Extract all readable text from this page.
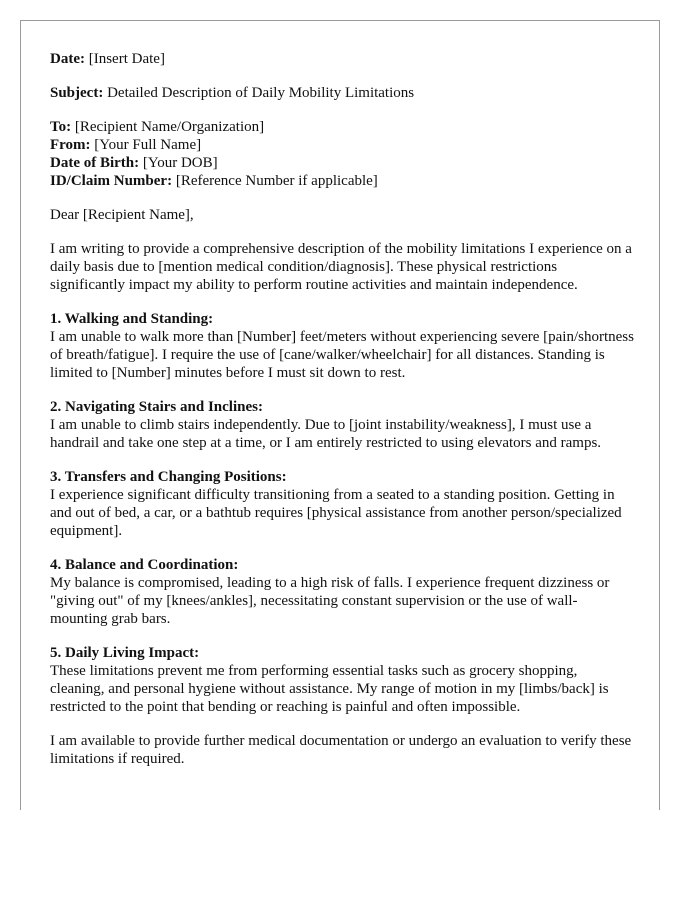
Date: [Insert Date]

Subject: Detailed Description of Daily Mobility Limitations

To: [Recipient Name/Organization]

From: [Your Full Name]

Date of Birth: [Your DOB]

ID/Claim Number: [Reference Number if applicable]

Dear [Recipient Name],

I am writing to provide a comprehensive description of the mobility limitations I experience on a daily basis due to [mention medical condition/diagnosis]. These physical restrictions significantly impact my ability to perform routine activities and maintain independence.

1. Walking and Standing:

I am unable to walk more than [Number] feet/meters without experiencing severe [pain/shortness of breath/fatigue]. I require the use of [cane/walker/wheelchair] for all distances. Standing is limited to [Number] minutes before I must sit down to rest.

2. Navigating Stairs and Inclines:

I am unable to climb stairs independently. Due to [joint instability/weakness], I must use a handrail and take one step at a time, or I am entirely restricted to using elevators and ramps.

3. Transfers and Changing Positions:

I experience significant difficulty transitioning from a seated to a standing position. Getting in and out of bed, a car, or a bathtub requires [physical assistance from another person/specialized equipment].

4. Balance and Coordination:

My balance is compromised, leading to a high risk of falls. I experience frequent dizziness or "giving out" of my [knees/ankles], necessitating constant supervision or the use of wall-mounting grab bars.

5. Daily Living Impact:

These limitations prevent me from performing essential tasks such as grocery shopping, cleaning, and personal hygiene without assistance. My range of motion in my [limbs/back] is restricted to the point that bending or reaching is painful and often impossible.

I am available to provide further medical documentation or undergo an evaluation to verify these limitations if required.
